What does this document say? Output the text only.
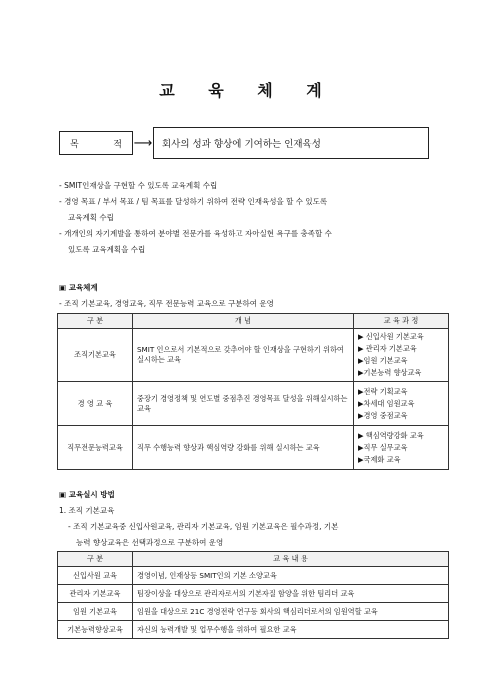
교 육 체 계
목	적 ⟶	회사의 성과 향상에 기여하는 인재육성
- SMIT인재상을 구현할 수 있도록 교육계획 수립
- 경영 목표 / 부서 목표 / 팀 목표를 달성하기 위하여 전략 인재육성을 할 수 있도록
교육계획 수립
- 개개인의 자기계발을 통하여 분야별 전문가를 육성하고 자아실현 욕구를 충족할 수
있도록 교육계획을 수립
▣ 교육체계
- 조직 기본교육, 경영교육, 직무 전문능력 교육으로 구분하여 운영
구 분	개 념	교 육 과 정
조직기본교육	SMIT 인으로서 기본적으로 갖추어야 할 인재상을 구현하기 위하여 실시하는 교육	▶ 신입사원 기본교육
▶ 관리자 기본교육
▶임원 기본교육
▶기본능력 향상교육

경 영 교 육	중장기 경영정책 및 연도별 중점추진 경영목표 달성을 위해실시하는 교육	▶전략 기획교육
▶차세대 임원교육
▶경영 중점교육

직무전문능력교육	직무 수행능력 향상과 핵심역량 강화를 위해 실시하는 교육	▶ 핵심역량강화 교육
▶직무 실무교육
▶국제화 교육
▣ 교육실시 방법
1. 조직 기본교육
- 조직 기본교육중 신입사원교육, 관리자 기본교육, 임원 기본교육은 필수과정, 기본
능력 향상교육은 선택과정으로 구분하여 운영
구 분	교 육 내 용
신입사원 교육	경영이념, 인재상등 SMIT인의 기본 소양교육
관리자 기본교육	팀장이상을 대상으로 관리자로서의 기본자질 함양을 위한 팀리더 교육
임원 기본교육	임원을 대상으로 21C 경영전략 연구등 회사의 핵심리더로서의 임원역할 교육
기본능력향상교육	자신의 능력개발 및 업무수행을 위하여 필요한 교육
